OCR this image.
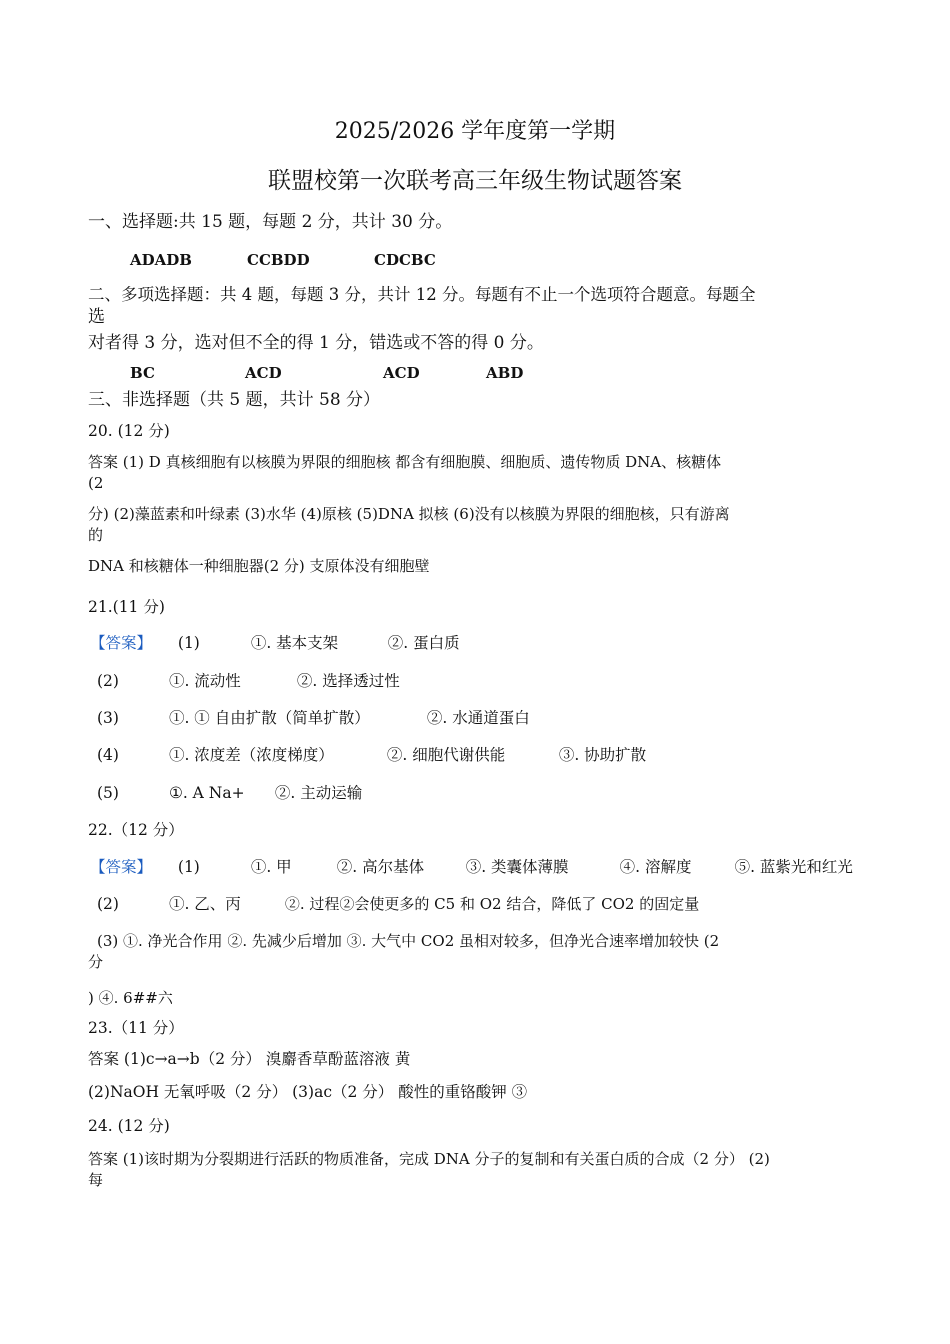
2025/2026 学年度第一学期
联盟校第一次联考高三年级生物试题答案
一、选择题:共 15 题，每题 2 分，共计 30 分。
ADADB	CCBDD	CDCBC
二、多项选择题：共 4 题，每题 3 分，共计 12 分。每题有不止一个选项符合题意。每题全
选
对者得 3 分，选对但不全的得 1 分，错选或不答的得 0 分。
BC	ACD	ACD	ABD
三、非选择题（共 5 题，共计 58 分）
20. (12 分)
答案 (1) D 真核细胞有以核膜为界限的细胞核 都含有细胞膜、细胞质、遗传物质 DNA、核糖体
(2
分) (2)藻蓝素和叶绿素 (3)水华 (4)原核 (5)DNA 拟核 (6)没有以核膜为界限的细胞核，只有游离
的
DNA 和核糖体一种细胞器(2 分) 支原体没有细胞壁
21.(11 分)
【答案】 (1)	①. 基本支架	②. 蛋白质
(2)	①. 流动性	②. 选择透过性
(3)	①. ① 自由扩散（简单扩散）	②. 水通道蛋白
(4)	①. 浓度差（浓度梯度）	②. 细胞代谢供能	③. 协助扩散
(5)	①. A Na+ ②. 主动运输
22.（12 分）
【答案】 (1)	①. 甲	②. 高尔基体	③. 类囊体薄膜	④. 溶解度	⑤. 蓝紫光和红光
(2)	①. 乙、丙	②. 过程②会使更多的 C5 和 O2 结合，降低了 CO2 的固定量
(3) ①. 净光合作用 ②. 先减少后增加 ③. 大气中 CO2 虽相对较多，但净光合速率增加较快 (2
分
) ④. 6##六
23.（11 分）
答案 (1)c→a→b（2 分） 溴麝香草酚蓝溶液 黄
(2)NaOH 无氧呼吸（2 分） (3)ac（2 分） 酸性的重铬酸钾 ③
24. (12 分)
答案 (1)该时期为分裂期进行活跃的物质准备，完成 DNA 分子的复制和有关蛋白质的合成（2 分） (2)
每
